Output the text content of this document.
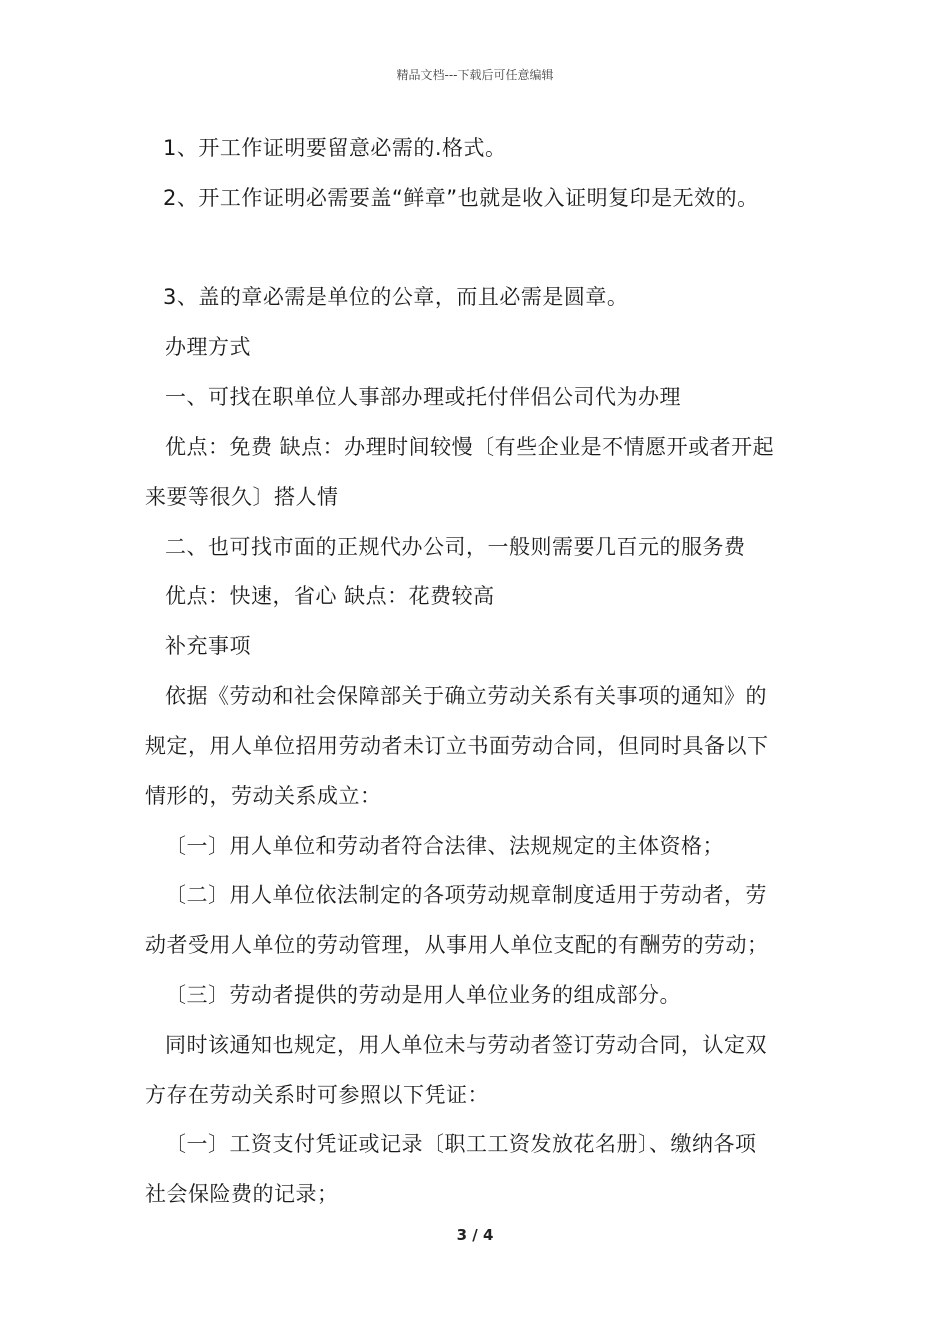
精品文档---下载后可任意编辑
1、开工作证明要留意必需的.格式。
2、开工作证明必需要盖“鲜章”也就是收入证明复印是无效的。
3、盖的章必需是单位的公章，而且必需是圆章。
办理方式
一、可找在职单位人事部办理或托付伴侣公司代为办理
优点：免费 缺点：办理时间较慢〔有些企业是不情愿开或者开起
来要等很久〕搭人情
二、也可找市面的正规代办公司，一般则需要几百元的服务费
优点：快速，省心 缺点：花费较高
补充事项
依据《劳动和社会保障部关于确立劳动关系有关事项的通知》的
规定，用人单位招用劳动者未订立书面劳动合同，但同时具备以下
情形的，劳动关系成立：
〔一〕用人单位和劳动者符合法律、法规规定的主体资格；
〔二〕用人单位依法制定的各项劳动规章制度适用于劳动者，劳
动者受用人单位的劳动管理，从事用人单位支配的有酬劳的劳动；
〔三〕劳动者提供的劳动是用人单位业务的组成部分。
同时该通知也规定，用人单位未与劳动者签订劳动合同，认定双
方存在劳动关系时可参照以下凭证：
〔一〕工资支付凭证或记录〔职工工资发放花名册〕、缴纳各项
社会保险费的记录；
3 / 4
